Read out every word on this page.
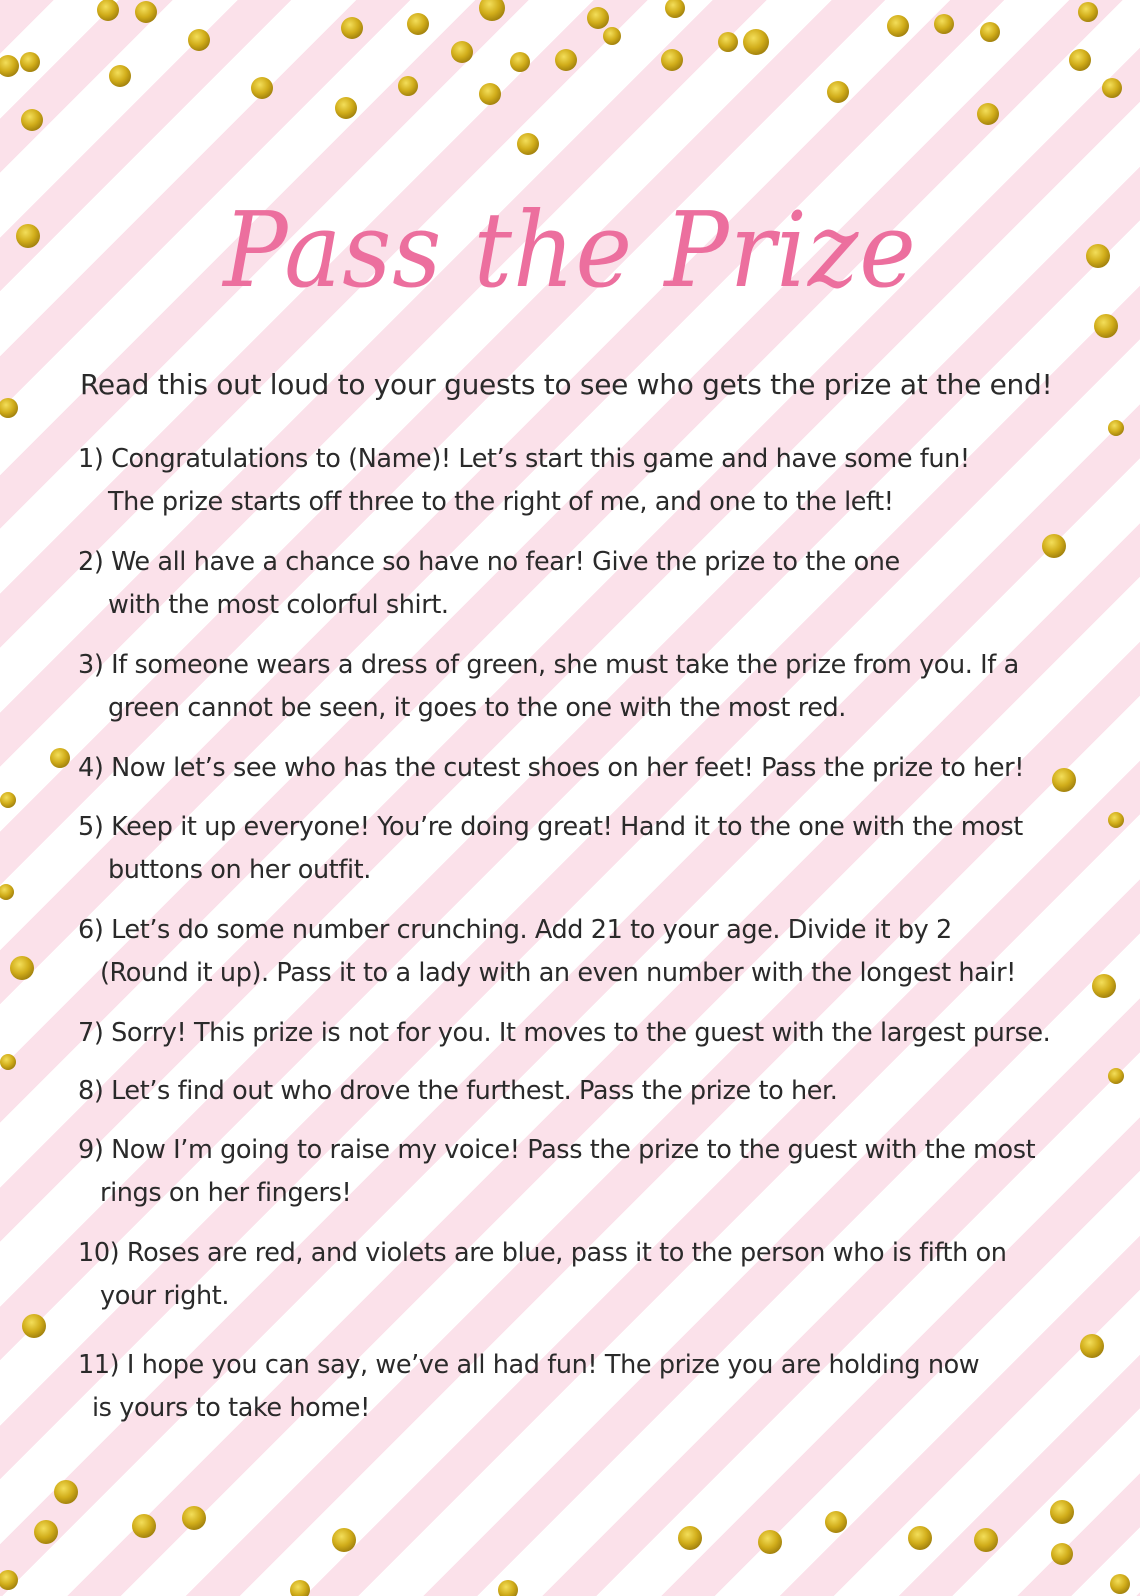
Pass the Prize
Read this out loud to your guests to see who gets the prize at the end!
1) Congratulations to (Name)! Let’s start this game and have some fun!
The prize starts off three to the right of me, and one to the left!
2) We all have a chance so have no fear! Give the prize to the one
with the most colorful shirt.
3) If someone wears a dress of green, she must take the prize from you. If a
green cannot be seen, it goes to the one with the most red.
4) Now let’s see who has the cutest shoes on her feet! Pass the prize to her!
5) Keep it up everyone! You’re doing great! Hand it to the one with the most
buttons on her outfit.
6) Let’s do some number crunching. Add 21 to your age. Divide it by 2
(Round it up). Pass it to a lady with an even number with the longest hair!
7) Sorry! This prize is not for you. It moves to the guest with the largest purse.
8) Let’s find out who drove the furthest. Pass the prize to her.
9) Now I’m going to raise my voice! Pass the prize to the guest with the most
rings on her fingers!
10) Roses are red, and violets are blue, pass it to the person who is fifth on
your right.
11) I hope you can say, we’ve all had fun! The prize you are holding now
is yours to take home!
